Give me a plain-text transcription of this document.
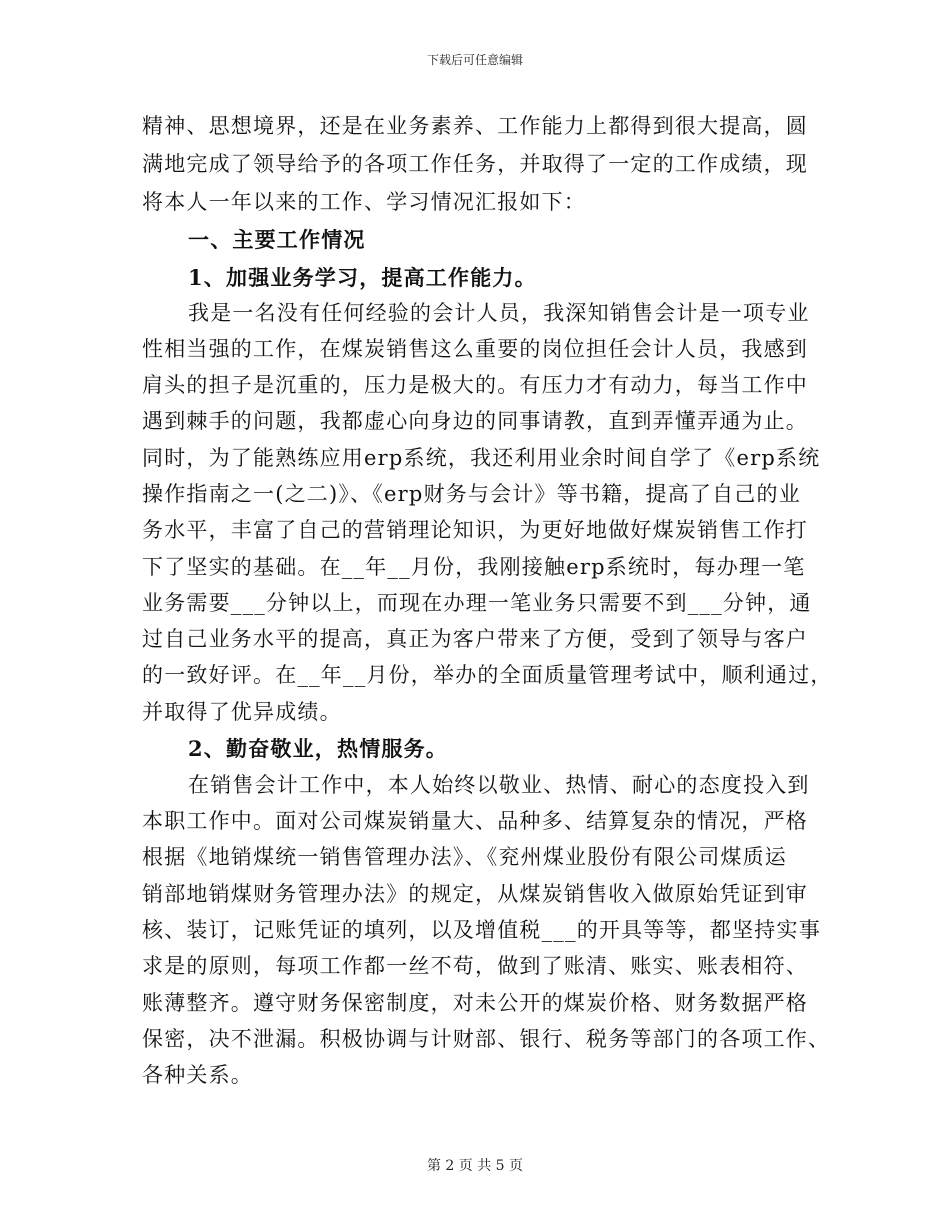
下载后可任意编辑
精神、思想境界，还是在业务素养、工作能力上都得到很大提高，圆
满地完成了领导给予的各项工作任务，并取得了一定的工作成绩，现
将本人一年以来的工作、学习情况汇报如下：
一、主要工作情况
1、加强业务学习，提高工作能力。
我是一名没有任何经验的会计人员，我深知销售会计是一项专业
性相当强的工作，在煤炭销售这么重要的岗位担任会计人员，我感到
肩头的担子是沉重的，压力是极大的。有压力才有动力，每当工作中
遇到棘手的问题，我都虚心向身边的同事请教，直到弄懂弄通为止。
同时，为了能熟练应用erp系统，我还利用业余时间自学了《erp系统
操作指南之一(之二)》、《erp财务与会计》等书籍，提高了自己的业
务水平，丰富了自己的营销理论知识，为更好地做好煤炭销售工作打
下了坚实的基础。在__年__月份，我刚接触erp系统时，每办理一笔
业务需要___分钟以上，而现在办理一笔业务只需要不到___分钟，通
过自己业务水平的提高，真正为客户带来了方便，受到了领导与客户
的一致好评。在__年__月份，举办的全面质量管理考试中，顺利通过，
并取得了优异成绩。
2、勤奋敬业，热情服务。
在销售会计工作中，本人始终以敬业、热情、耐心的态度投入到
本职工作中。面对公司煤炭销量大、品种多、结算复杂的情况，严格
根据《地销煤统一销售管理办法》、《兖州煤业股份有限公司煤质运
销部地销煤财务管理办法》的规定，从煤炭销售收入做原始凭证到审
核、装订，记账凭证的填列，以及增值税___的开具等等，都坚持实事
求是的原则，每项工作都一丝不苟，做到了账清、账实、账表相符、
账薄整齐。遵守财务保密制度，对未公开的煤炭价格、财务数据严格
保密，决不泄漏。积极协调与计财部、银行、税务等部门的各项工作、
各种关系。
第 2 页 共 5 页
